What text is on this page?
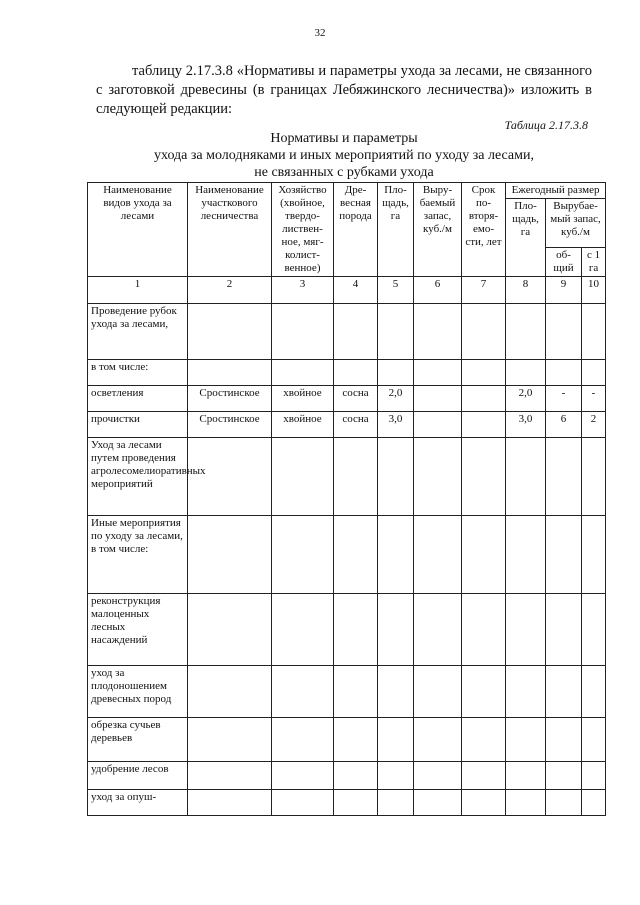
32

таблицу 2.17.3.8 «Нормативы и параметры ухода за лесами, не связанного с заготовкой древесины (в границах Лебяжинского лесничества)» изложить в следующей редакции:

Таблица 2.17.3.8
Нормативы и параметры
ухода за молодняками и иных мероприятий по уходу за лесами,
не связанных с рубками ухода
Наименование видов ухода за лесами	Наименование участкового лесничества	Хозяйство (хвойное, твердо-листвен-ное, мяг-колист-венное)	Дре-весная порода	Пло-щадь, га	Выру-баемый запас, куб./м	Срок по-вторя-емо-сти, лет	Ежегодный размер		
							Пло-щадь, га	Вырубае-мый запас, куб./м	
								об-щий	с 1 га
1	2	3	4	5	6	7	8	9	10
Проведение рубок ухода за лесами,									
в том числе:									
осветления	Сростинское	хвойное	сосна	2,0			2,0	-	-
прочистки	Сростинское	хвойное	сосна	3,0			3,0	6	2
Уход за лесами путем проведения агролесомелиоративных мероприятий									
Иные мероприятия по уходу за лесами, в том числе:									
реконструкция малоценных лесных насаждений									
уход за плодоношением древесных пород									
обрезка сучьев деревьев									
удобрение лесов									
уход за опуш-									
